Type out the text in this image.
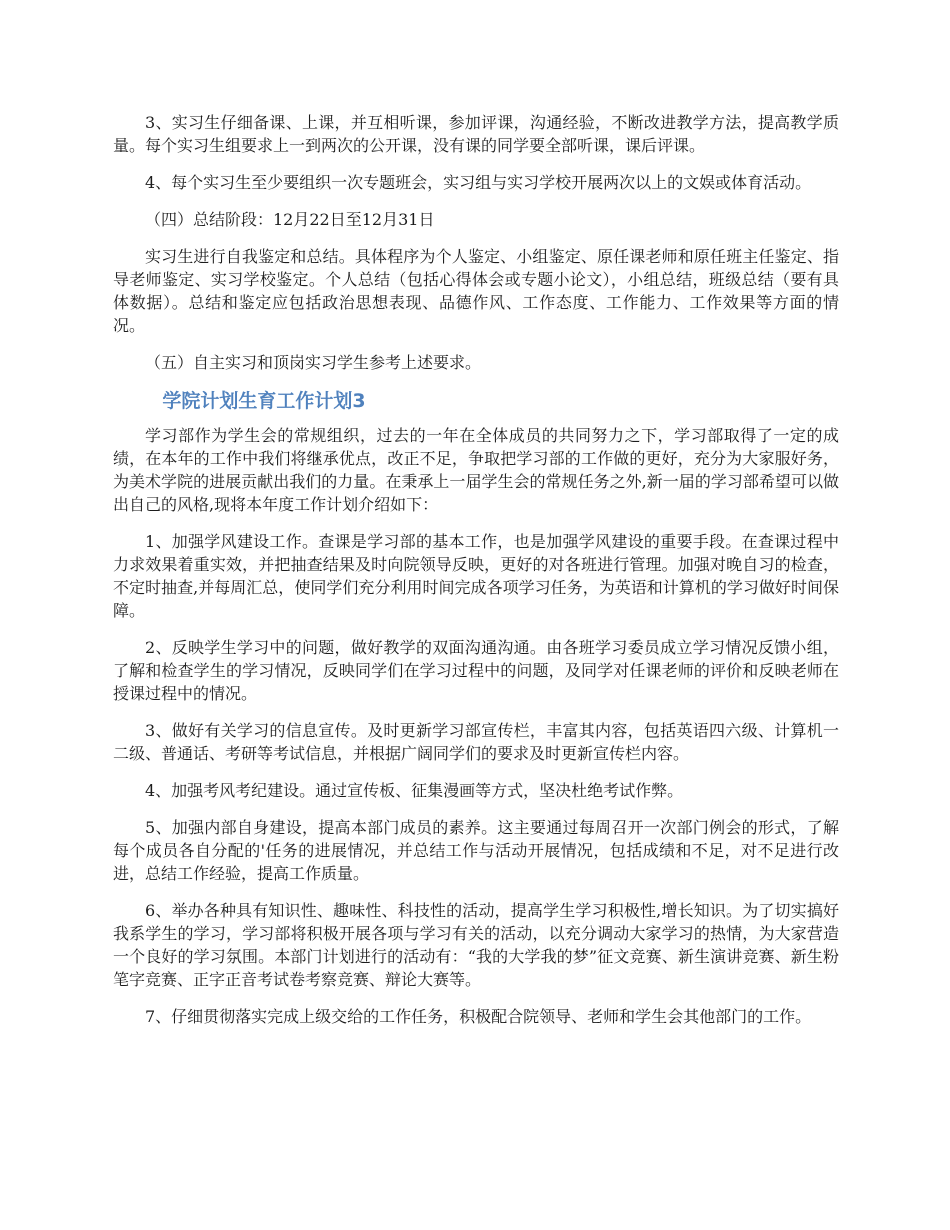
3、实习生仔细备课、上课，并互相听课，参加评课，沟通经验，不断改进教学方法，提高教学质量。每个实习生组要求上一到两次的公开课，没有课的同学要全部听课，课后评课。

4、每个实习生至少要组织一次专题班会，实习组与实习学校开展两次以上的文娱或体育活动。

（四）总结阶段：12月22日至12月31日

实习生进行自我鉴定和总结。具体程序为个人鉴定、小组鉴定、原任课老师和原任班主任鉴定、指导老师鉴定、实习学校鉴定。个人总结（包括心得体会或专题小论文），小组总结，班级总结（要有具体数据）。总结和鉴定应包括政治思想表现、品德作风、工作态度、工作能力、工作效果等方面的情况。

（五）自主实习和顶岗实习学生参考上述要求。

学院计划生育工作计划3

学习部作为学生会的常规组织，过去的一年在全体成员的共同努力之下，学习部取得了一定的成绩，在本年的工作中我们将继承优点，改正不足，争取把学习部的工作做的更好，充分为大家服好务，为美术学院的进展贡献出我们的力量。在秉承上一届学生会的常规任务之外,新一届的学习部希望可以做出自己的风格,现将本年度工作计划介绍如下：

1、加强学风建设工作。查课是学习部的基本工作，也是加强学风建设的重要手段。在查课过程中力求效果着重实效，并把抽查结果及时向院领导反映，更好的对各班进行管理。加强对晚自习的检查，不定时抽查,并每周汇总，使同学们充分利用时间完成各项学习任务，为英语和计算机的学习做好时间保障。

2、反映学生学习中的问题，做好教学的双面沟通沟通。由各班学习委员成立学习情况反馈小组，了解和检查学生的学习情况，反映同学们在学习过程中的问题，及同学对任课老师的评价和反映老师在授课过程中的情况。

3、做好有关学习的信息宣传。及时更新学习部宣传栏，丰富其内容，包括英语四六级、计算机一二级、普通话、考研等考试信息，并根据广阔同学们的要求及时更新宣传栏内容。

4、加强考风考纪建设。通过宣传板、征集漫画等方式，坚决杜绝考试作弊。

5、加强内部自身建设，提高本部门成员的素养。这主要通过每周召开一次部门例会的形式，了解每个成员各自分配的'任务的进展情况，并总结工作与活动开展情况，包括成绩和不足，对不足进行改进，总结工作经验，提高工作质量。

6、举办各种具有知识性、趣味性、科技性的活动，提高学生学习积极性,增长知识。为了切实搞好我系学生的学习，学习部将积极开展各项与学习有关的活动，以充分调动大家学习的热情，为大家营造一个良好的学习氛围。本部门计划进行的活动有：“我的大学我的梦”征文竞赛、新生演讲竞赛、新生粉笔字竞赛、正字正音考试卷考察竞赛、辩论大赛等。

7、仔细贯彻落实完成上级交给的工作任务，积极配合院领导、老师和学生会其他部门的工作。
